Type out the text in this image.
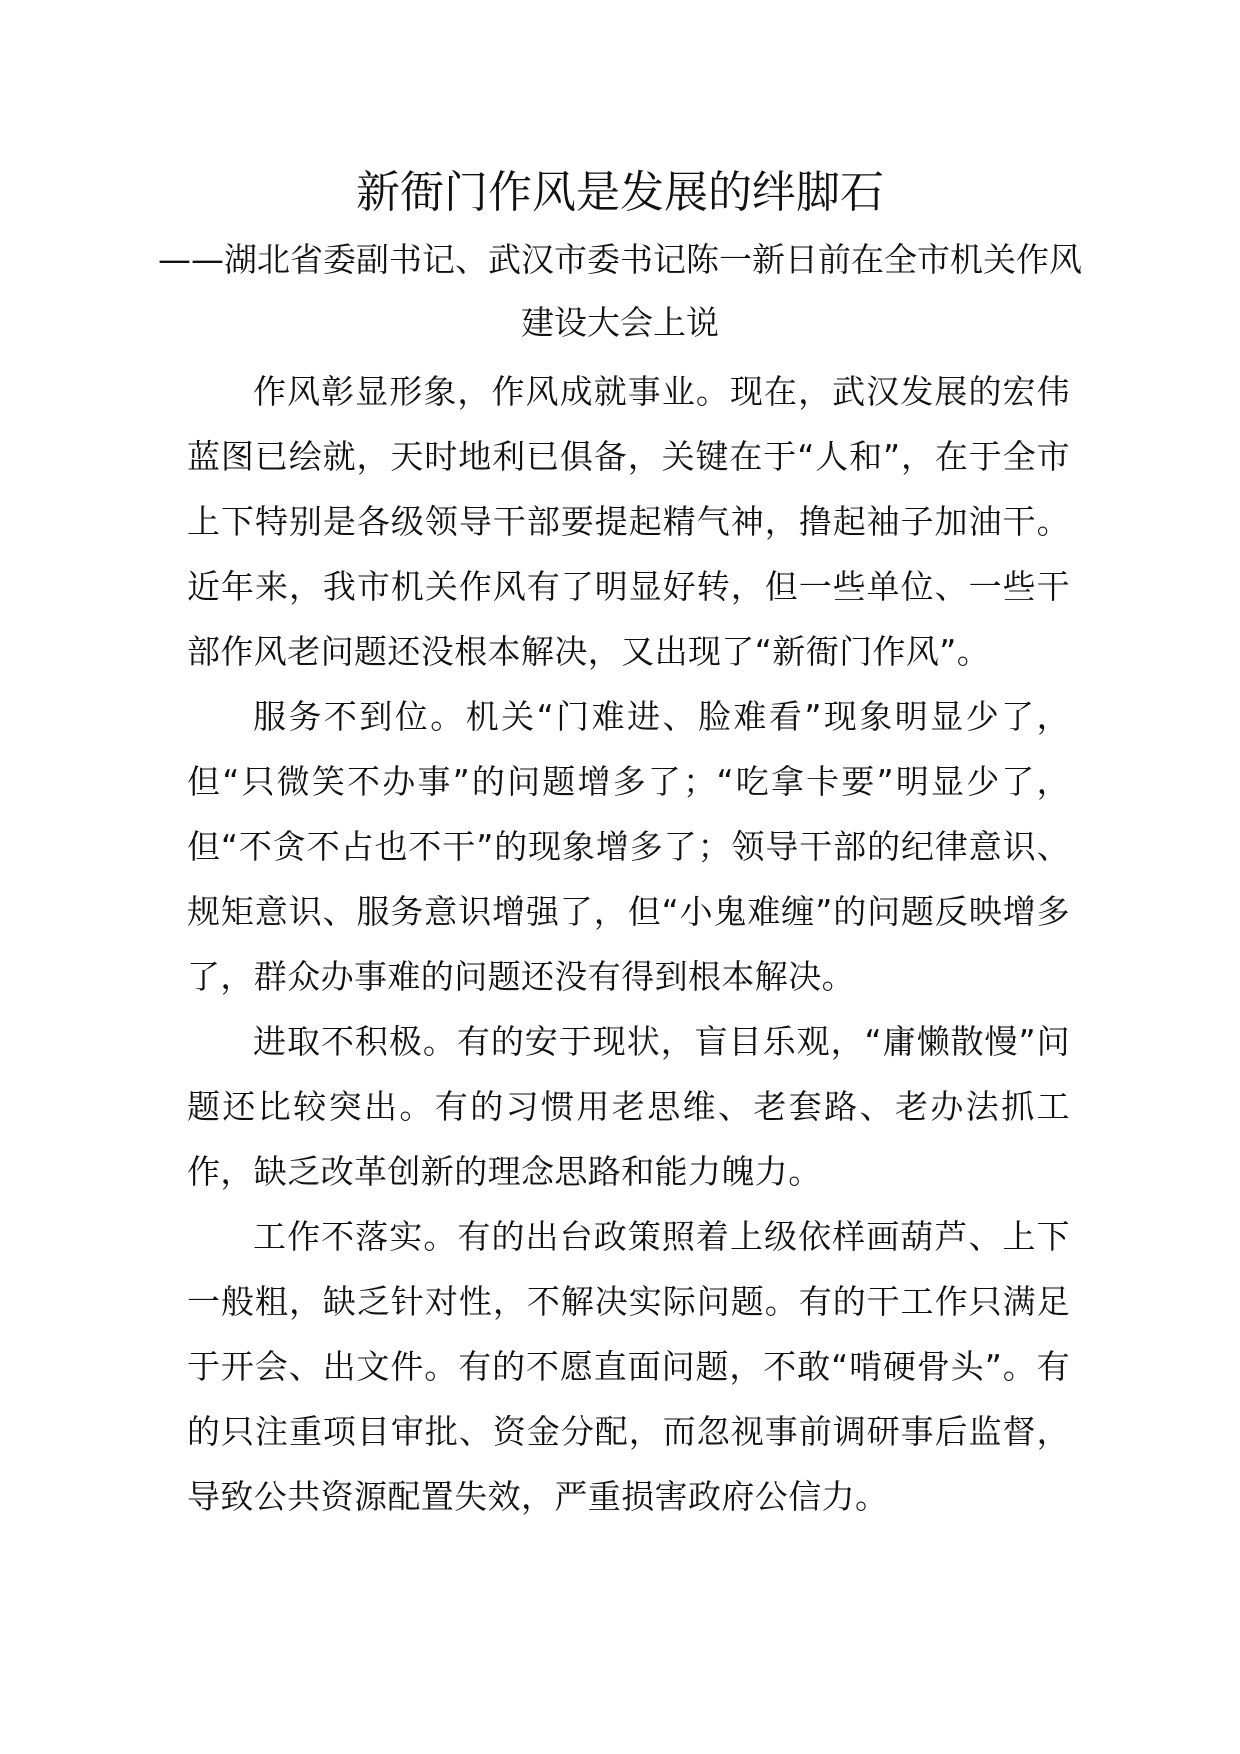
新衙门作风是发展的绊脚石
——湖北省委副书记、武汉市委书记陈一新日前在全市机关作风建设大会上说

作风彰显形象，作风成就事业。现在，武汉发展的宏伟蓝图已绘就，天时地利已俱备，关键在于“人和”，在于全市上下特别是各级领导干部要提起精气神，撸起袖子加油干。近年来，我市机关作风有了明显好转，但一些单位、一些干部作风老问题还没根本解决，又出现了“新衙门作风”。

服务不到位。机关“门难进、脸难看”现象明显少了，但“只微笑不办事”的问题增多了；“吃拿卡要”明显少了，但“不贪不占也不干”的现象增多了；领导干部的纪律意识、规矩意识、服务意识增强了，但“小鬼难缠”的问题反映增多了，群众办事难的问题还没有得到根本解决。

进取不积极。有的安于现状，盲目乐观，“庸懒散慢”问题还比较突出。有的习惯用老思维、老套路、老办法抓工作，缺乏改革创新的理念思路和能力魄力。

工作不落实。有的出台政策照着上级依样画葫芦、上下一般粗，缺乏针对性，不解决实际问题。有的干工作只满足于开会、出文件。有的不愿直面问题，不敢“啃硬骨头”。有的只注重项目审批、资金分配，而忽视事前调研事后监督，导致公共资源配置失效，严重损害政府公信力。
